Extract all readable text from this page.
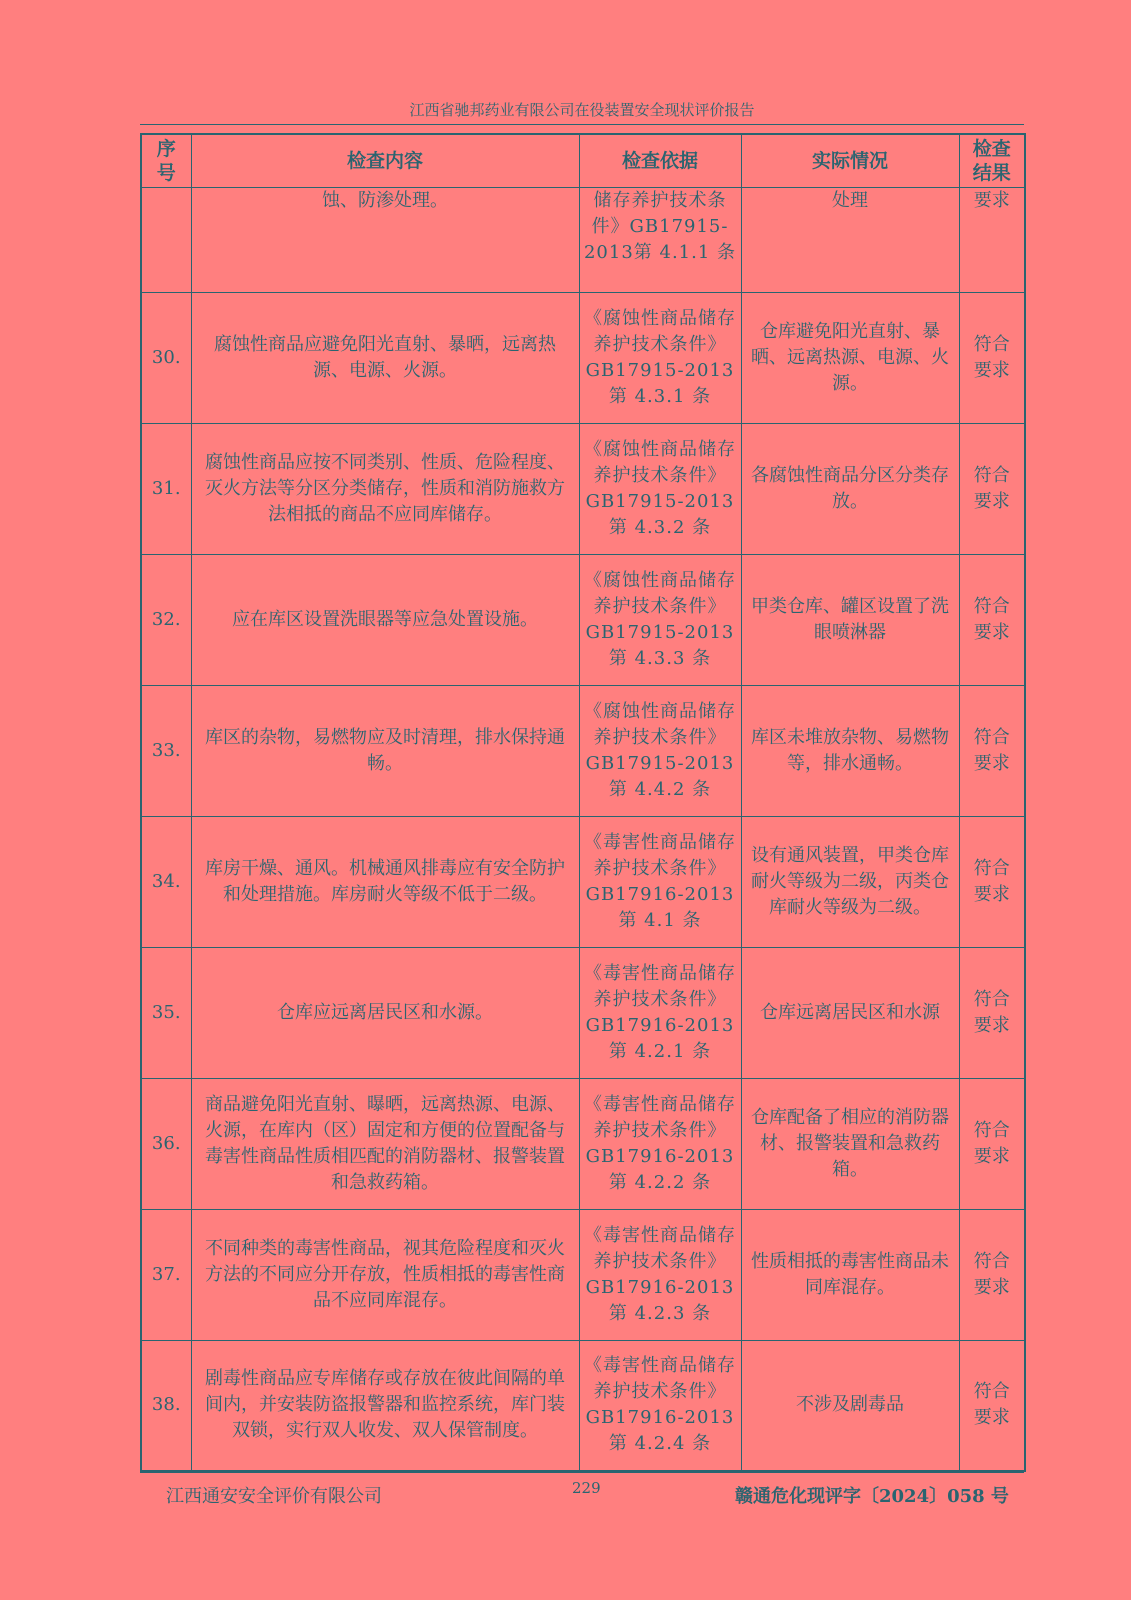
江西省驰邦药业有限公司在役装置安全现状评价报告
序号	检查内容	检查依据	实际情况	检查结果
	蚀、防渗处理。	储存养护技术条件》GB17915-2013第 4.1.1 条	处理	要求
30.	腐蚀性商品应避免阳光直射、暴晒，远离热源、电源、火源。	《腐蚀性商品储存养护技术条件》GB17915-2013第 4.3.1 条	仓库避免阳光直射、暴晒、远离热源、电源、火源。	符合要求
31.	腐蚀性商品应按不同类别、性质、危险程度、灭火方法等分区分类储存，性质和消防施救方法相抵的商品不应同库储存。	《腐蚀性商品储存养护技术条件》GB17915-2013第 4.3.2 条	各腐蚀性商品分区分类存放。	符合要求
32.	应在库区设置洗眼器等应急处置设施。	《腐蚀性商品储存养护技术条件》GB17915-2013第 4.3.3 条	甲类仓库、罐区设置了洗眼喷淋器	符合要求
33.	库区的杂物，易燃物应及时清理，排水保持通畅。	《腐蚀性商品储存养护技术条件》GB17915-2013第 4.4.2 条	库区未堆放杂物、易燃物等，排水通畅。	符合要求
34.	库房干燥、通风。机械通风排毒应有安全防护和处理措施。库房耐火等级不低于二级。	《毒害性商品储存养护技术条件》GB17916-2013第 4.1 条	设有通风装置，甲类仓库耐火等级为二级，丙类仓库耐火等级为二级。	符合要求
35.	仓库应远离居民区和水源。	《毒害性商品储存养护技术条件》GB17916-2013第 4.2.1 条	仓库远离居民区和水源	符合要求
36.	商品避免阳光直射、曝晒，远离热源、电源、火源，在库内（区）固定和方便的位置配备与毒害性商品性质相匹配的消防器材、报警装置和急救药箱。	《毒害性商品储存养护技术条件》GB17916-2013第 4.2.2 条	仓库配备了相应的消防器材、报警装置和急救药箱。	符合要求
37.	不同种类的毒害性商品，视其危险程度和灭火方法的不同应分开存放，性质相抵的毒害性商品不应同库混存。	《毒害性商品储存养护技术条件》GB17916-2013第 4.2.3 条	性质相抵的毒害性商品未同库混存。	符合要求
38.	剧毒性商品应专库储存或存放在彼此间隔的单间内，并安装防盗报警器和监控系统，库门装双锁，实行双人收发、双人保管制度。	《毒害性商品储存养护技术条件》GB17916-2013第 4.2.4 条	不涉及剧毒品	符合要求
江西通安安全评价有限公司	229	赣通危化现评字〔2024〕058 号
